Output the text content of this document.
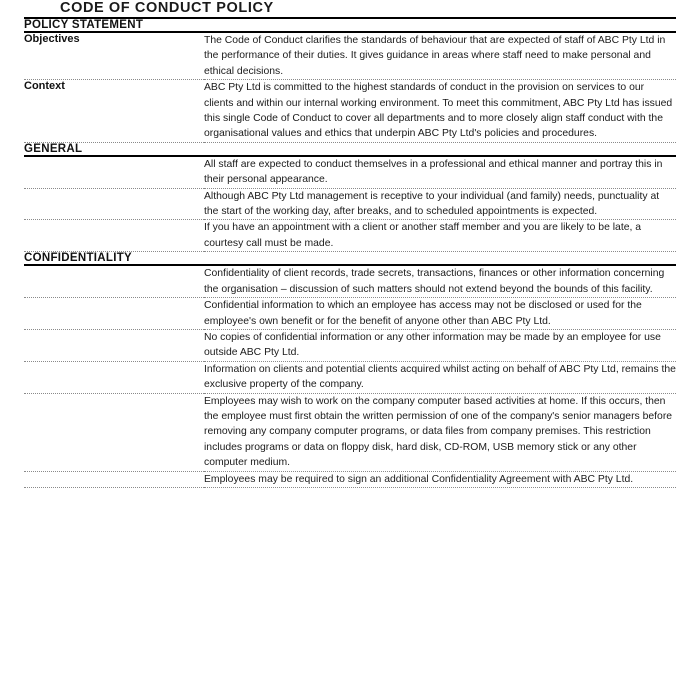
CODE OF CONDUCT POLICY

POLICY STATEMENT	
Objectives	The Code of Conduct clarifies the standards of behaviour that are expected of staff of ABC Pty Ltd in the performance of their duties. It gives guidance in areas where staff need to make personal and ethical decisions.
Context	ABC Pty Ltd is committed to the highest standards of conduct in the provision on services to our clients and within our internal working environment. To meet this commitment, ABC Pty Ltd has issued this single Code of Conduct to cover all departments and to more closely align staff conduct with the organisational values and ethics that underpin ABC Pty Ltd's policies and procedures.
GENERAL	
	All staff are expected to conduct themselves in a professional and ethical manner and portray this in their personal appearance.
	Although ABC Pty Ltd management is receptive to your individual (and family) needs, punctuality at the start of the working day, after breaks, and to scheduled appointments is expected.
	If you have an appointment with a client or another staff member and you are likely to be late, a courtesy call must be made.
CONFIDENTIALITY	
	Confidentiality of client records, trade secrets, transactions, finances or other information concerning the organisation – discussion of such matters should not extend beyond the bounds of this facility.
	Confidential information to which an employee has access may not be disclosed or used for the employee's own benefit or for the benefit of anyone other than ABC Pty Ltd.
	No copies of confidential information or any other information may be made by an employee for use outside ABC Pty Ltd.
	Information on clients and potential clients acquired whilst acting on behalf of ABC Pty Ltd, remains the exclusive property of the company.
	Employees may wish to work on the company computer based activities at home. If this occurs, then the employee must first obtain the written permission of one of the company's senior managers before removing any company computer programs, or data files from company premises. This restriction includes programs or data on floppy disk, hard disk, CD-ROM, USB memory stick or any other computer medium.
	Employees may be required to sign an additional Confidentiality Agreement with ABC Pty Ltd.
